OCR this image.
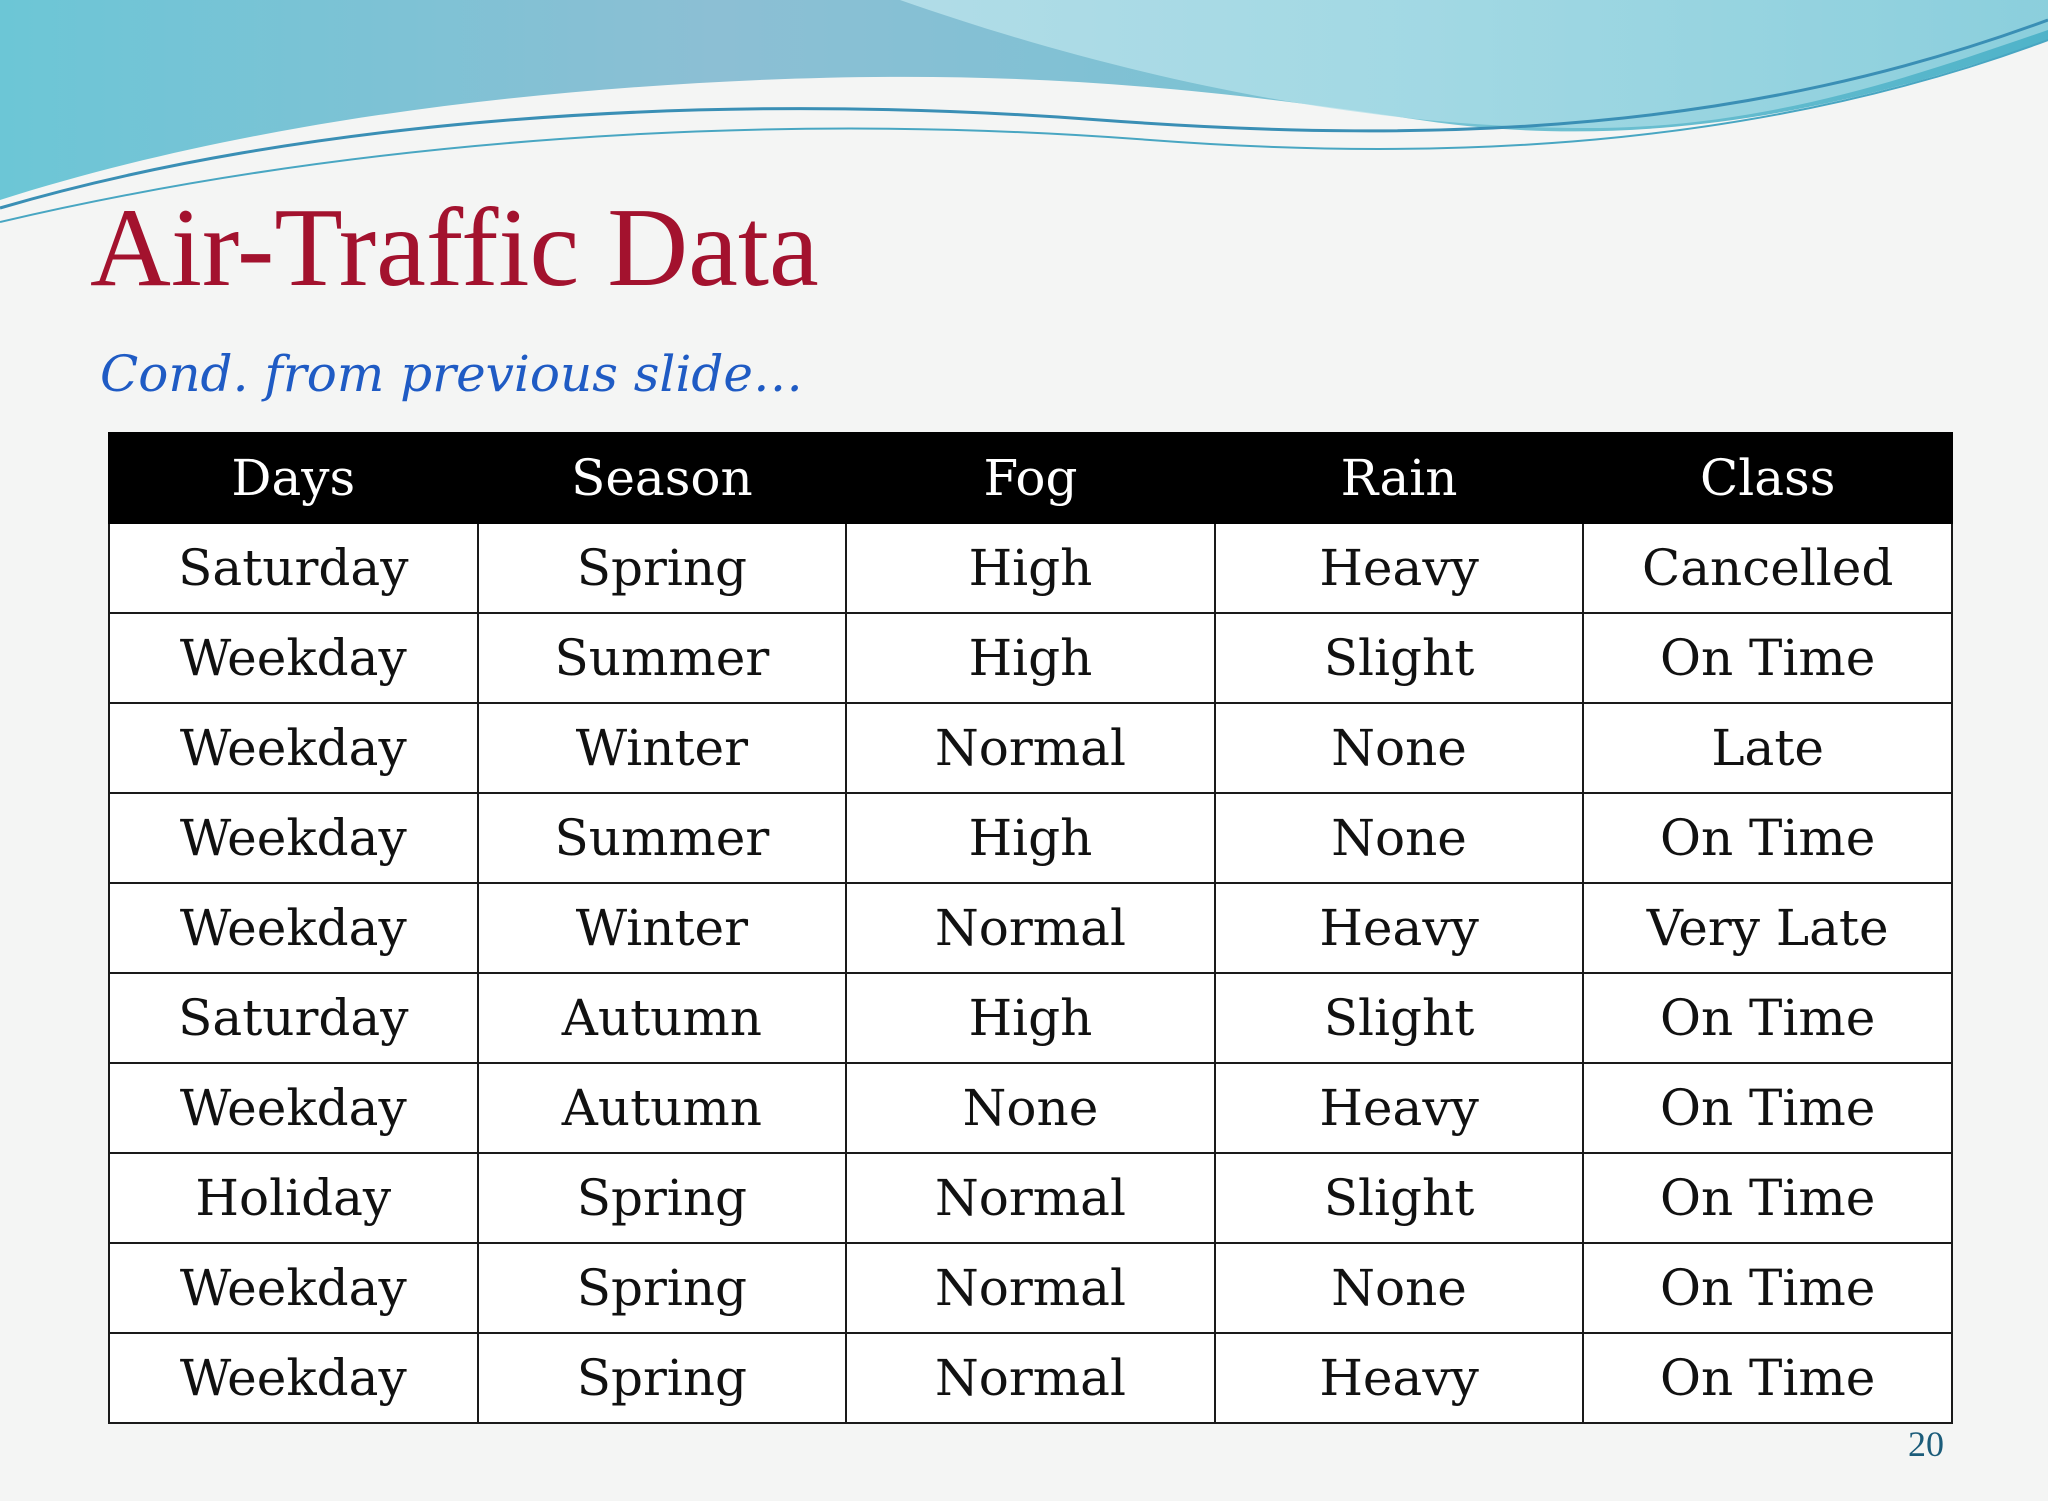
Air-Traffic Data

Cond. from previous slide…

Days	Season	Fog	Rain	Class
Saturday	Spring	High	Heavy	Cancelled
Weekday	Summer	High	Slight	On Time
Weekday	Winter	Normal	None	Late
Weekday	Summer	High	None	On Time
Weekday	Winter	Normal	Heavy	Very Late
Saturday	Autumn	High	Slight	On Time
Weekday	Autumn	None	Heavy	On Time
Holiday	Spring	Normal	Slight	On Time
Weekday	Spring	Normal	None	On Time
Weekday	Spring	Normal	Heavy	On Time

20
